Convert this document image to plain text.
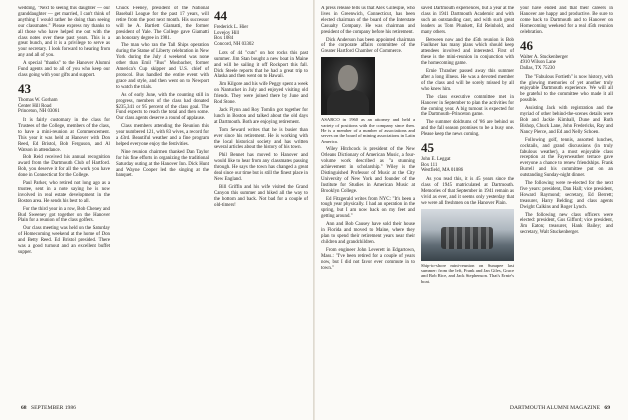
wedding, "Next to seeing this daughter — our granddaughter — get married, I can't think of anything I would rather be doing than seeing our classmates." Please express my thanks to all those who have helped me out with the class notes over these past years. This is a great bunch, and it is a privilege to serve as your secretary. I look forward to hearing from any and all of you.

A special "thanks" to the Hanover Alumni Fund agents and to all of you who keep our class going with your gifts and support.

43
Thomas W. Gorham
Center Hill Road
Princeton, NH 03061

It is fairly customary in the class for Trustees of the College, members of the class, to have a mini-reunion at Commencement. This year it was held at Hanover with Don Reed, Ed Bristol, Bob Ferguson, and Al Watson in attendance.

Bob Reid received his annual recognition award from the Dartmouth Club of Hartford. Bob, you deserve it for all the work you have done in Connecticut for the College.

Paul Parker, who retired not long ago as a trustee, sent in a note saying he is now involved in real estate development in the Boston area. He sends his best to all.

For the third year in a row, Bob Cheney and Bud Sweeney got together on the Hanover Plain for a reunion of the class golfers.

Our class meeting was held on the Saturday of Homecoming weekend at the home of Don and Betty Reed. Ed Bristol presided. There was a good turnout and an excellent buffet supper.

Chuck Feeney, president of the National Baseball League for the past 17 years, will retire from the post next month. His successor will be A. Bartlett Giamatti, the former president of Yale. The College gave Giamatti an honorary degree in 1981.

The man who ran the Tall Ships operation during the Statue of Liberty celebration in New York during the July 4 weekend was none other than Emil "Bus" Mosbacher, former America's Cup skipper and U.S. chief of protocol. Bus handled the entire event with grace and style, and then went on to Newport to watch the trials.

As of early June, with the counting still in progress, members of the class had donated $235,341 or 95 percent of the class goal. The Fund expects to reach the total and then some. Our class agents deserve a round of applause.

Class members attending the Reunion this year numbered 121, with 83 wives, a record for a 43rd. Beautiful weather and a fine program helped everyone enjoy the festivities.

Nine reunion chairmen thanked Dan Taylor for his fine efforts in organizing the traditional Saturday outing at the Hanover Inn. Dick Hunt and Wayne Cooper led the singing at the banquet.

44
Frederick L. Hier
Lovejoy Hill
Box 1084
Concord, NH 03302

Lots of 44 "cuts" on hot rocks this past summer. Jim Stan bought a new boat in Maine and will be sailing it off Rockport this fall. Dick Steele reports that he had a great trip to Alaska and then went on to Hawaii.

Jim Kilgore and his wife Peggy spent a week on Nantucket in July and enjoyed visiting old friends. They were joined there by June and Rod Stone.

Jack Flynn and Roy Tomlin got together for lunch in Boston and talked about the old days at Dartmouth. Both are enjoying retirement.

Tom Seward writes that he is busier than ever since his retirement. He is working with the local historical society and has written several articles about the history of his town.

Phil Bennet has moved to Hanover and would like to hear from any classmates passing through. He says the town has changed a great deal since our time but is still the finest place in New England.

Bill Griffin and his wife visited the Grand Canyon this summer and hiked all the way to the bottom and back. Not bad for a couple of old-timers!

A press release tells us that Alex Gillespie, who lives in Greenwich, Connecticut, has been elected chairman of the board of the Interstate Casualty Company. He was chairman and president of the company before his retirement.

Dick Anderson has been appointed chairman of the corporate affairs committee of the Greater Hartford Chamber of Commerce.

ASARCO in 1960 as an attorney and held a variety of positions with the company since then. He is a member of a number of associations and serves on the board of mining associations in Latin America.

Wiley Hitchcock is president of the New Orleans Dictionary of American Music, a four-volume work described as "a stunning achievement in scholarship." Wiley is the Distinguished Professor of Music at the City University of New York and founder of the Institute for Studies in American Music at Brooklyn College.

Ed Fitzgerald writes from NYC: "It's been a tough year physically. I had an operation in the spring, but I am now back on my feet and getting around."

Ann and Bob Causey have sold their house in Florida and moved to Maine, where they plan to spend their retirement years near their children and grandchildren.

From engineer John Leverett in Edgartown, Mass.: "I've been retired for a couple of years now, but I did not favor ever commute in to town."

saved Dartmouth experiences, but a year at the class in 1941 Dartmouth Academic and with such an outstanding cast, and with such great leaders as Tom Plunkett, Ed Reinhold, and many others.

Between now and the 45th reunion is Bob Faulkner has many plans which should keep attendees involved and interested. First of these is the mini-reunion in conjunction with the homecoming game.

Ernie Thrasher passed away this summer after a long illness. He was a devoted member of the class and will be sorely missed by all who knew him.

The class executive committee met in Hanover in September to plan the activities for the coming year. A big turnout is expected for the Dartmouth–Princeton game.

The summer doldrums of '86 are behind us and the fall season promises to be a busy one. Please keep the news coming.

45
John E. Leggat
Box 111
Westfield, MA 01086

As you read this, it is 45 years since the class of 1945 matriculated at Dartmouth. Memories of that September in 1941 remain as vivid as ever, and it seems only yesterday that we were all freshmen on the Hanover Plain.

Ship-to-shore mini-reunion on Sunapee last summer: from the left, Frank and Jan Giles, Grace and Bob Rice, and Jack Stephenson. That's Ernie's boat.

your have ended and that their careers in Hanover are happy and productive. Be sure to come back to Dartmouth and to Hanover on Homecoming weekend for a real 45th reunion celebration.

46
Walter A. Stuckenberger
4910 Wilson Lane
Dallas, TX 75230

The "Fabulous Fortieth" is now history, with the glowing memories of yet another truly enjoyable Dartmouth experience. We will all be grateful to the committee who made it all possible.

Assisting Jack with registration and the myriad of other behind-the-scenes details were Bob and Jackie Kimball, Dune and Ruth Bishop, Chuck Lane, John Fredericks, Ray and Nancy Pierce, and Ed and Nelly Schoen.

Following golf, tennis, assorted lunches, cocktails, and grand discussions (in truly fabulous weather), a most enjoyable class reception at the Fayerweather terrace gave everyone a chance to renew friendships. Frank Burrell and his committee put on an outstanding Sunday-night dinner.

The following were re-elected for the next five years: president, Dan Hall; vice president, Howard Raymond; secretary, Ed Berrett; treasurer, Harry Belding; and class agents Dwight Calkins and Roger Lynch.

The following new class officers were elected: president, Gus Gifford; vice president, Jim Eaton; treasurer, Hank Bailey; and secretary, Walt Stuckenberger.

68 SEPTEMBER 1986	DARTMOUTH ALUMNI MAGAZINE 69
